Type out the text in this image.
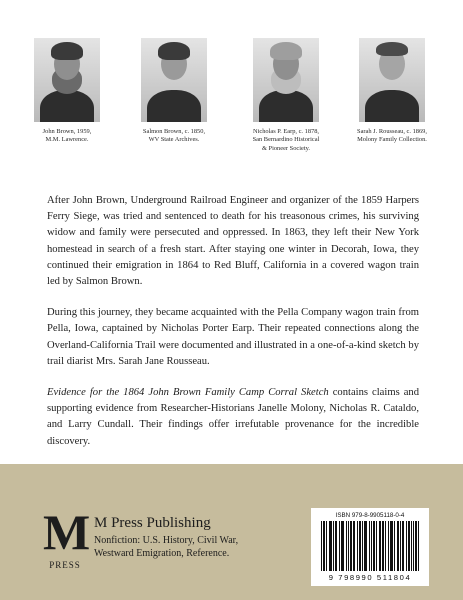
John Brown, 1959,
M.M. Lawrence.
Salmon Brown, c. 1850,
WV State Archives.
Nicholas P. Earp, c. 1878,
San Bernardino Historical
& Pioneer Society.
Sarah J. Rousseau, c. 1869,
Molony Family Collection.

After John Brown, Underground Railroad Engineer and organizer of the 1859 Harpers Ferry Siege, was tried and sentenced to death for his treasonous crimes, his surviving widow and family were persecuted and oppressed. In 1863, they left their New York homestead in search of a fresh start. After staying one winter in Decorah, Iowa, they continued their emigration in 1864 to Red Bluff, California in a covered wagon train led by Salmon Brown.

During this journey, they became acquainted with the Pella Company wagon train from Pella, Iowa, captained by Nicholas Porter Earp. Their repeated connections along the Overland-California Trail were documented and illustrated in a one-of-a-kind sketch by trail diarist Mrs. Sarah Jane Rousseau.

Evidence for the 1864 John Brown Family Camp Corral Sketch contains claims and supporting evidence from Researcher-Historians Janelle Molony, Nicholas R. Cataldo, and Larry Cundall. Their findings offer irrefutable provenance for the incredible discovery.

M
PRESS
M Press Publishing
Nonfiction: U.S. History, Civil War,
Westward Emigration, Reference.
ISBN 979-8-9905118-0-4
9 798990 511804
